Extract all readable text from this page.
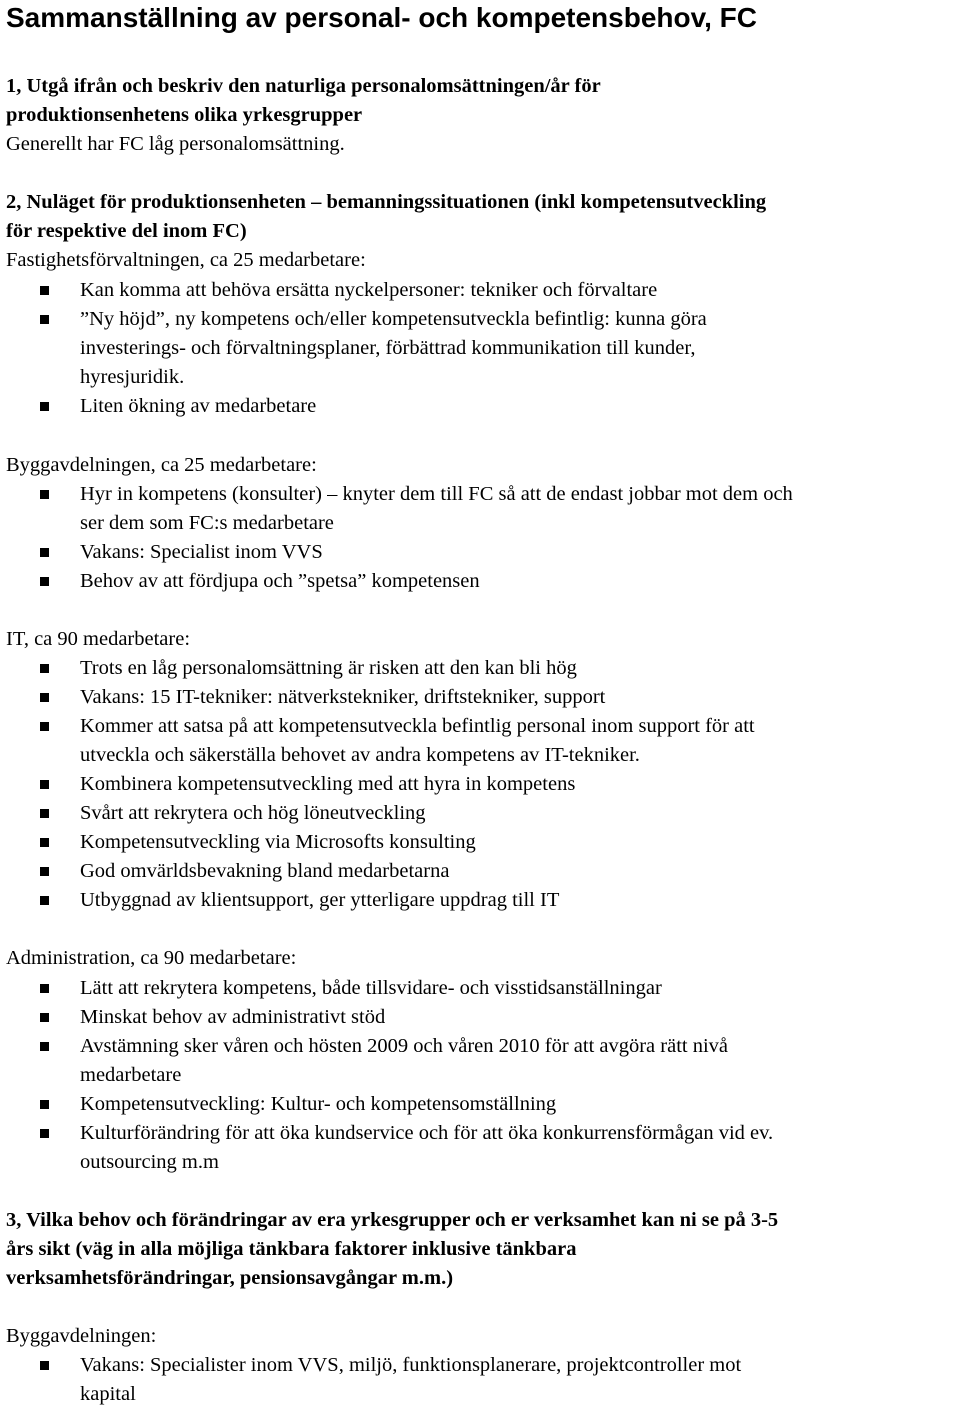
Sammanställning av personal- och kompetensbehov, FC

1, Utgå ifrån och beskriv den naturliga personalomsättningen/år för

produktionsenhetens olika yrkesgrupper

Generellt har FC låg personalomsättning.

2, Nuläget för produktionsenheten – bemanningssituationen (inkl kompetensutveckling

för respektive del inom FC)

Fastighetsförvaltningen, ca 25 medarbetare:

Kan komma att behöva ersätta nyckelpersoner: tekniker och förvaltare

”Ny höjd”, ny kompetens och/eller kompetensutveckla befintlig: kunna göra

investerings- och förvaltningsplaner, förbättrad kommunikation till kunder,

hyresjuridik.

Liten ökning av medarbetare

Byggavdelningen, ca 25 medarbetare:

Hyr in kompetens (konsulter) – knyter dem till FC så att de endast jobbar mot dem och

ser dem som FC:s medarbetare

Vakans: Specialist inom VVS

Behov av att fördjupa och ”spetsa” kompetensen

IT, ca 90 medarbetare:

Trots en låg personalomsättning är risken att den kan bli hög

Vakans: 15 IT-tekniker: nätverkstekniker, driftstekniker, support

Kommer att satsa på att kompetensutveckla befintlig personal inom support för att

utveckla och säkerställa behovet av andra kompetens av IT-tekniker.

Kombinera kompetensutveckling med att hyra in kompetens

Svårt att rekrytera och hög löneutveckling

Kompetensutveckling via Microsofts konsulting

God omvärldsbevakning bland medarbetarna

Utbyggnad av klientsupport, ger ytterligare uppdrag till IT

Administration, ca 90 medarbetare:

Lätt att rekrytera kompetens, både tillsvidare- och visstidsanställningar

Minskat behov av administrativt stöd

Avstämning sker våren och hösten 2009 och våren 2010 för att avgöra rätt nivå

medarbetare

Kompetensutveckling: Kultur- och kompetensomställning

Kulturförändring för att öka kundservice och för att öka konkurrensförmågan vid ev.

outsourcing m.m

3, Vilka behov och förändringar av era yrkesgrupper och er verksamhet kan ni se på 3-5

års sikt (väg in alla möjliga tänkbara faktorer inklusive tänkbara

verksamhetsförändringar, pensionsavgångar m.m.)

Byggavdelningen:

Vakans: Specialister inom VVS, miljö, funktionsplanerare, projektcontroller mot

kapital
